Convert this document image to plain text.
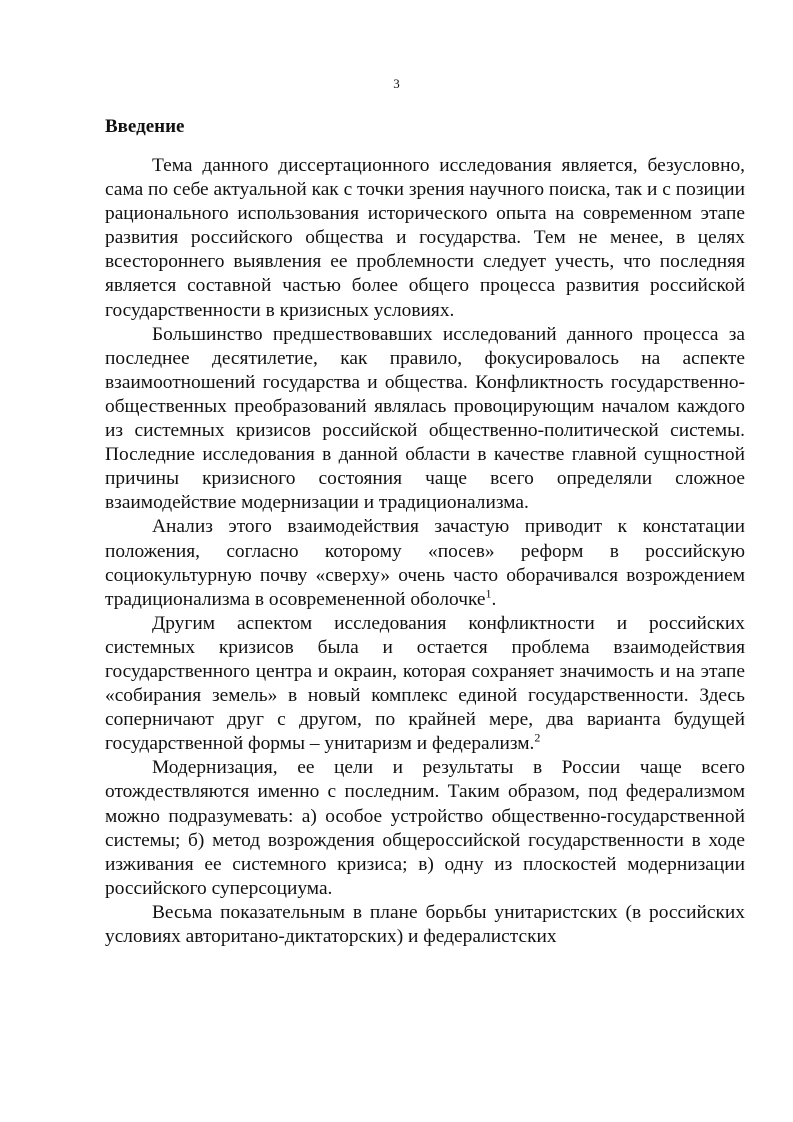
3
Введение

Тема данного диссертационного исследования является, безусловно, сама по себе актуальной как с точки зрения научного поиска, так и с позиции рационального использования исторического опыта на современном этапе развития российского общества и государства. Тем не менее, в целях всестороннего выявления ее проблемности следует учесть, что последняя является составной частью более общего процесса развития российской государственности в кризисных условиях.

Большинство предшествовавших исследований данного процесса за последнее десятилетие, как правило, фокусировалось на аспекте взаимоотношений государства и общества. Конфликтность государственно-общественных преобразований являлась провоцирующим началом каждого из системных кризисов российской общественно-политической системы. Последние исследования в данной области в качестве главной сущностной причины кризисного состояния чаще всего определяли сложное взаимодействие модернизации и традиционализма.

Анализ этого взаимодействия зачастую приводит к констатации положения, согласно которому «посев» реформ в российскую социокультурную почву «сверху» очень часто оборачивался возрождением традиционализма в осовремененной оболочке$^1$.

Другим аспектом исследования конфликтности и российских системных кризисов была и остается проблема взаимодействия государственного центра и окраин, которая сохраняет значимость и на этапе «собирания земель» в новый комплекс единой государственности. Здесь соперничают друг с другом, по крайней мере, два варианта будущей государственной формы – унитаризм и федерализм.$^2$

Модернизация, ее цели и результаты в России чаще всего отождествляются именно с последним. Таким образом, под федерализмом можно подразумевать: а) особое устройство общественно-государственной системы; б) метод возрождения общероссийской государственности в ходе изживания ее системного кризиса; в) одну из плоскостей модернизации российского суперсоциума.

Весьма показательным в плане борьбы унитаристских (в российских условиях авторитано-диктаторских) и федералистских
